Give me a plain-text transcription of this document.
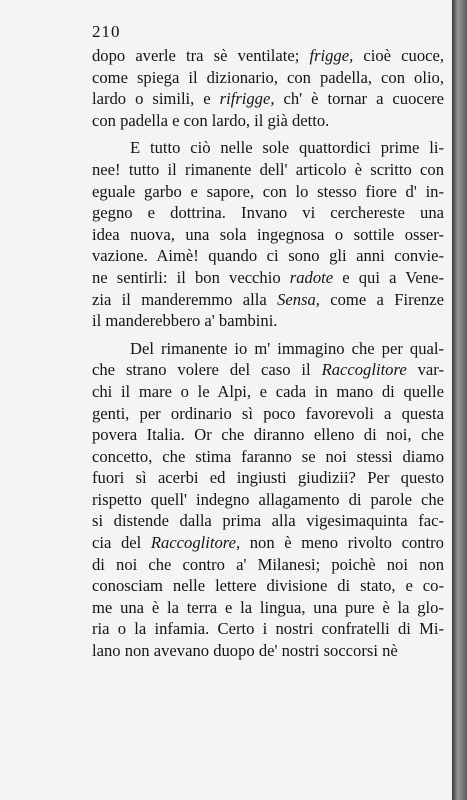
210
dopo averle tra sè ventilate; frigge, cioè cuoce,
come spiega il dizionario, con padella, con olio,
lardo o simili, e rifrigge, ch' è tornar a cuocere
con padella e con lardo, il già detto.
E tutto ciò nelle sole quattordici prime li-
nee! tutto il rimanente dell' articolo è scritto con
eguale garbo e sapore, con lo stesso fiore d' in-
gegno e dottrina. Invano vi cerchereste una
idea nuova, una sola ingegnosa o sottile osser-
vazione. Aimè! quando ci sono gli anni convie-
ne sentirli: il bon vecchio radote e qui a Vene-
zia il manderemmo alla Sensa, come a Firenze
il manderebbero a' bambini.
Del rimanente io m' immagino che per qual-
che strano volere del caso il Raccoglitore var-
chi il mare o le Alpi, e cada in mano di quelle
genti, per ordinario sì poco favorevoli a questa
povera Italia. Or che diranno elleno di noi, che
concetto, che stima faranno se noi stessi diamo
fuori sì acerbi ed ingiusti giudizii? Per questo
rispetto quell' indegno allagamento di parole che
si distende dalla prima alla vigesimaquinta fac-
cia del Raccoglitore, non è meno rivolto contro
di noi che contro a' Milanesi; poichè noi non
conosciam nelle lettere divisione di stato, e co-
me una è la terra e la lingua, una pure è la glo-
ria o la infamia. Certo i nostri confratelli di Mi-
lano non avevano duopo de' nostri soccorsi nè
